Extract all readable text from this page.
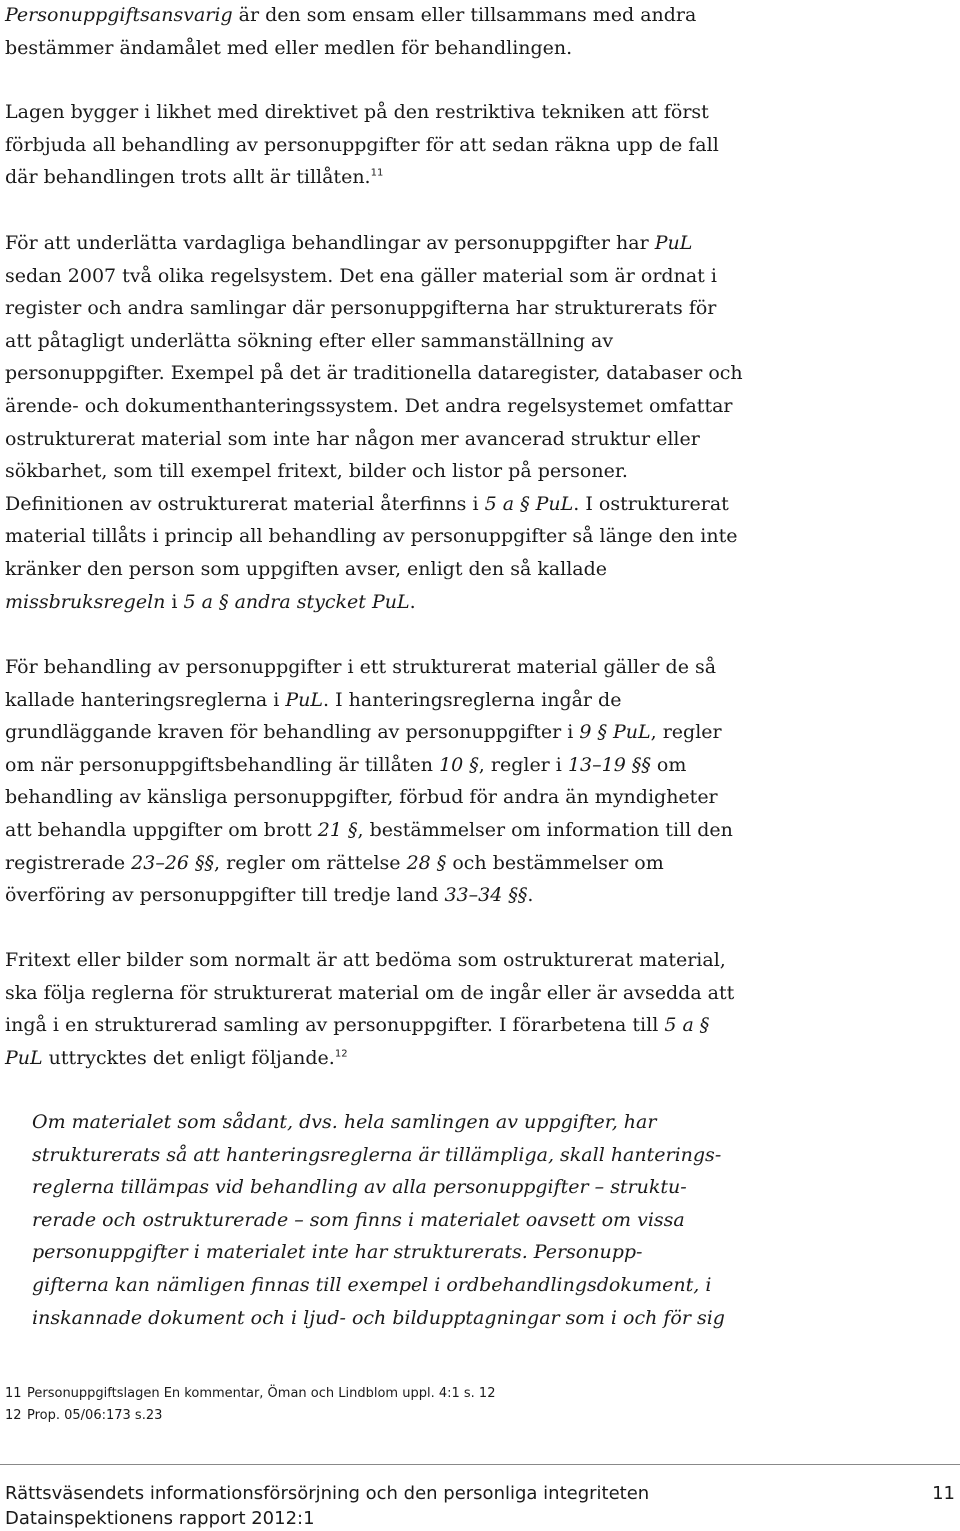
Personuppgiftsansvarig är den som ensam eller tillsammans med andra bestämmer ändamålet med eller medlen för behandlingen.

Lagen bygger i likhet med direktivet på den restriktiva tekniken att först förbjuda all behandling av personuppgifter för att sedan räkna upp de fall där behandlingen trots allt är tillåten.$^{11}$

För att underlätta vardagliga behandlingar av personuppgifter har PuL sedan 2007 två olika regelsystem. Det ena gäller material som är ordnat i register och andra samlingar där personuppgifterna har strukturerats för att påtagligt underlätta sökning efter eller sammanställning av personuppgifter. Exempel på det är traditionella dataregister, databaser och ärende- och dokumenthanteringssystem. Det andra regelsystemet omfattar ostrukturerat material som inte har någon mer avancerad struktur eller sökbarhet, som till exempel fritext, bilder och listor på personer. Definitionen av ostrukturerat material återfinns i 5 a § PuL. I ostrukturerat material tillåts i princip all behandling av personuppgifter så länge den inte kränker den person som uppgiften avser, enligt den så kallade missbruksregeln i 5 a § andra stycket PuL.

För behandling av personuppgifter i ett strukturerat material gäller de så kallade hanteringsreglerna i PuL. I hanteringsreglerna ingår de grundläggande kraven för behandling av personuppgifter i 9 § PuL, regler om när personuppgiftsbehandling är tillåten 10 §, regler i 13–19 §§ om behandling av känsliga personuppgifter, förbud för andra än myndigheter att behandla uppgifter om brott 21 §, bestämmelser om information till den registrerade 23–26 §§, regler om rättelse 28 § och bestämmelser om överföring av personuppgifter till tredje land 33–34 §§.

Fritext eller bilder som normalt är att bedöma som ostrukturerat material, ska följa reglerna för strukturerat material om de ingår eller är avsedda att ingå i en strukturerad samling av personuppgifter. I förarbetena till 5 a § PuL uttrycktes det enligt följande.$^{12}$

Om materialet som sådant, dvs. hela samlingen av uppgifter, har
strukturerats så att hanteringsreglerna är tillämpliga, skall hanterings-
reglerna tillämpas vid behandling av alla personuppgifter – struktu-
rerade och ostrukturerade – som finns i materialet oavsett om vissa
personuppgifter i materialet inte har strukturerats. Personupp-
gifterna kan nämligen finnas till exempel i ordbehandlingsdokument, i
inskannade dokument och i ljud- och bildupptagningar som i och för sig
11 Personuppgiftslagen En kommentar, Öman och Lindblom uppl. 4:1 s. 12
12 Prop. 05/06:173 s.23
Rättsväsendets informationsförsörjning och den personliga integriteten
Datainspektionens rapport 2012:1
11
